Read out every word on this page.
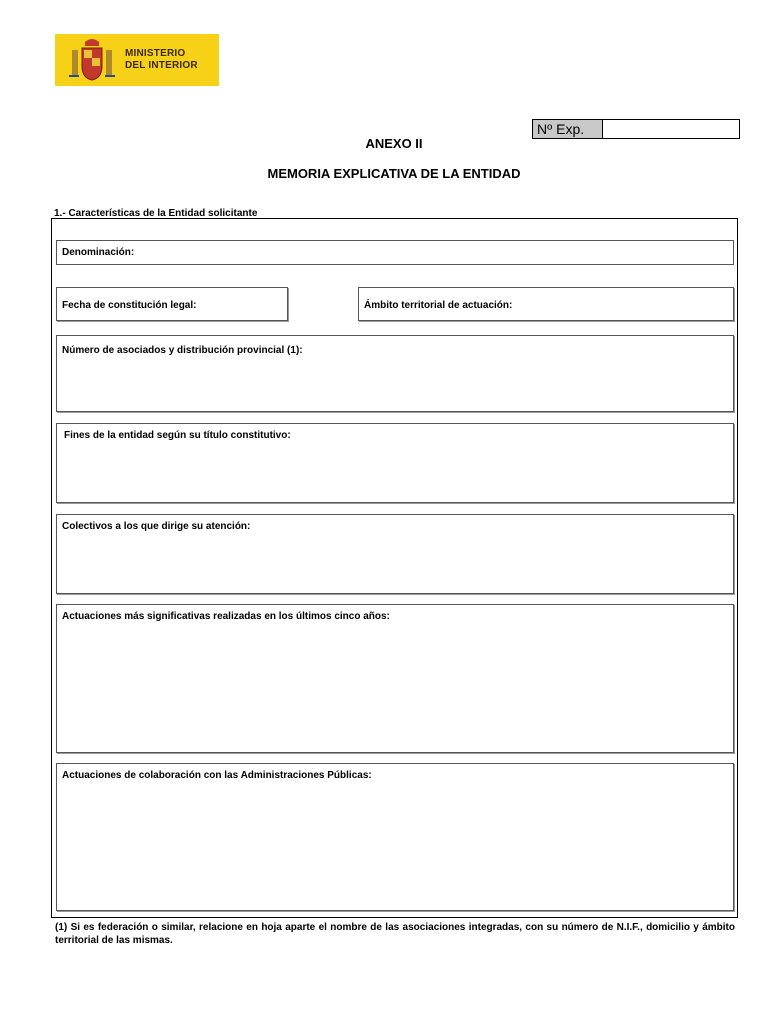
MINISTERIO
DEL INTERIOR
Nº Exp.
ANEXO II
MEMORIA EXPLICATIVA DE LA ENTIDAD
1.- Características de la Entidad solicitante
Denominación:
Fecha de constitución legal:	Ámbito territorial de actuación:
Número de asociados y distribución provincial (1):
Fines de la entidad según su título constitutivo:
Colectivos a los que dirige su atención:
Actuaciones más significativas realizadas en los últimos cinco años:
Actuaciones de colaboración con las Administraciones Públicas:
(1) Si es federación o similar, relacione en hoja aparte el nombre de las asociaciones integradas, con su número de N.I.F., domicilio y ámbito territorial de las mismas.
